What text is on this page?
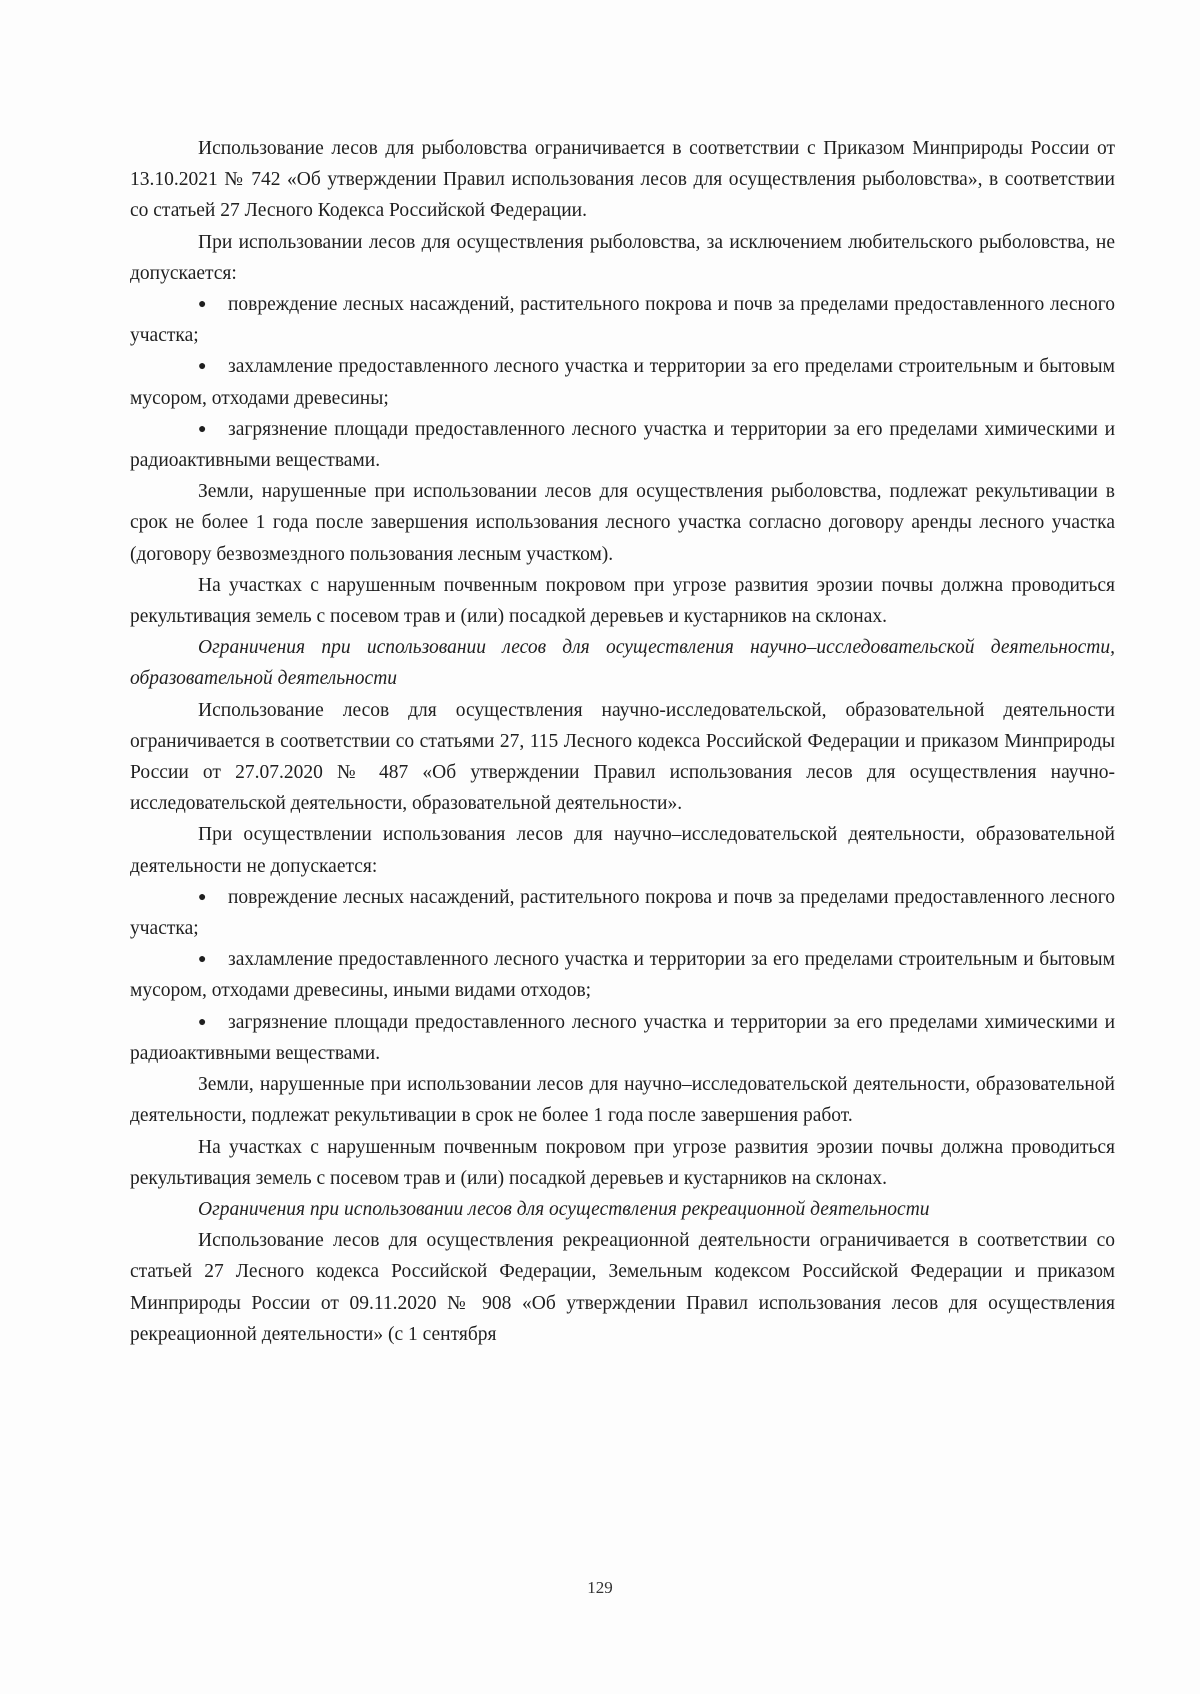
Использование лесов для рыболовства ограничивается в соответствии с Приказом Минприроды России от 13.10.2021 № 742 «Об утверждении Правил использования лесов для осуществления рыболовства», в соответствии со статьей 27 Лесного Кодекса Российской Федерации.

При использовании лесов для осуществления рыболовства, за исключением любительского рыболовства, не допускается:

● повреждение лесных насаждений, растительного покрова и почв за пределами предоставленного лесного участка;

● захламление предоставленного лесного участка и территории за его пределами строительным и бытовым мусором, отходами древесины;

● загрязнение площади предоставленного лесного участка и территории за его пределами химическими и радиоактивными веществами.

Земли, нарушенные при использовании лесов для осуществления рыболовства, подлежат рекультивации в срок не более 1 года после завершения использования лесного участка согласно договору аренды лесного участка (договору безвозмездного пользования лесным участком).

На участках с нарушенным почвенным покровом при угрозе развития эрозии почвы должна проводиться рекультивация земель с посевом трав и (или) посадкой деревьев и кустарников на склонах.

Ограничения при использовании лесов для осуществления научно–исследовательской деятельности, образовательной деятельности

Использование лесов для осуществления научно-исследовательской, образовательной деятельности ограничивается в соответствии со статьями 27, 115 Лесного кодекса Российской Федерации и приказом Минприроды России от 27.07.2020 № 487 «Об утверждении Правил использования лесов для осуществления научно-исследовательской деятельности, образовательной деятельности».

При осуществлении использования лесов для научно–исследовательской деятельности, образовательной деятельности не допускается:

● повреждение лесных насаждений, растительного покрова и почв за пределами предоставленного лесного участка;

● захламление предоставленного лесного участка и территории за его пределами строительным и бытовым мусором, отходами древесины, иными видами отходов;

● загрязнение площади предоставленного лесного участка и территории за его пределами химическими и радиоактивными веществами.

Земли, нарушенные при использовании лесов для научно–исследовательской деятельности, образовательной деятельности, подлежат рекультивации в срок не более 1 года после завершения работ.

На участках с нарушенным почвенным покровом при угрозе развития эрозии почвы должна проводиться рекультивация земель с посевом трав и (или) посадкой деревьев и кустарников на склонах.

Ограничения при использовании лесов для осуществления рекреационной деятельности

Использование лесов для осуществления рекреационной деятельности ограничивается в соответствии со статьей 27 Лесного кодекса Российской Федерации, Земельным кодексом Российской Федерации и приказом Минприроды России от 09.11.2020 № 908 «Об утверждении Правил использования лесов для осуществления рекреационной деятельности» (с 1 сентября

129
